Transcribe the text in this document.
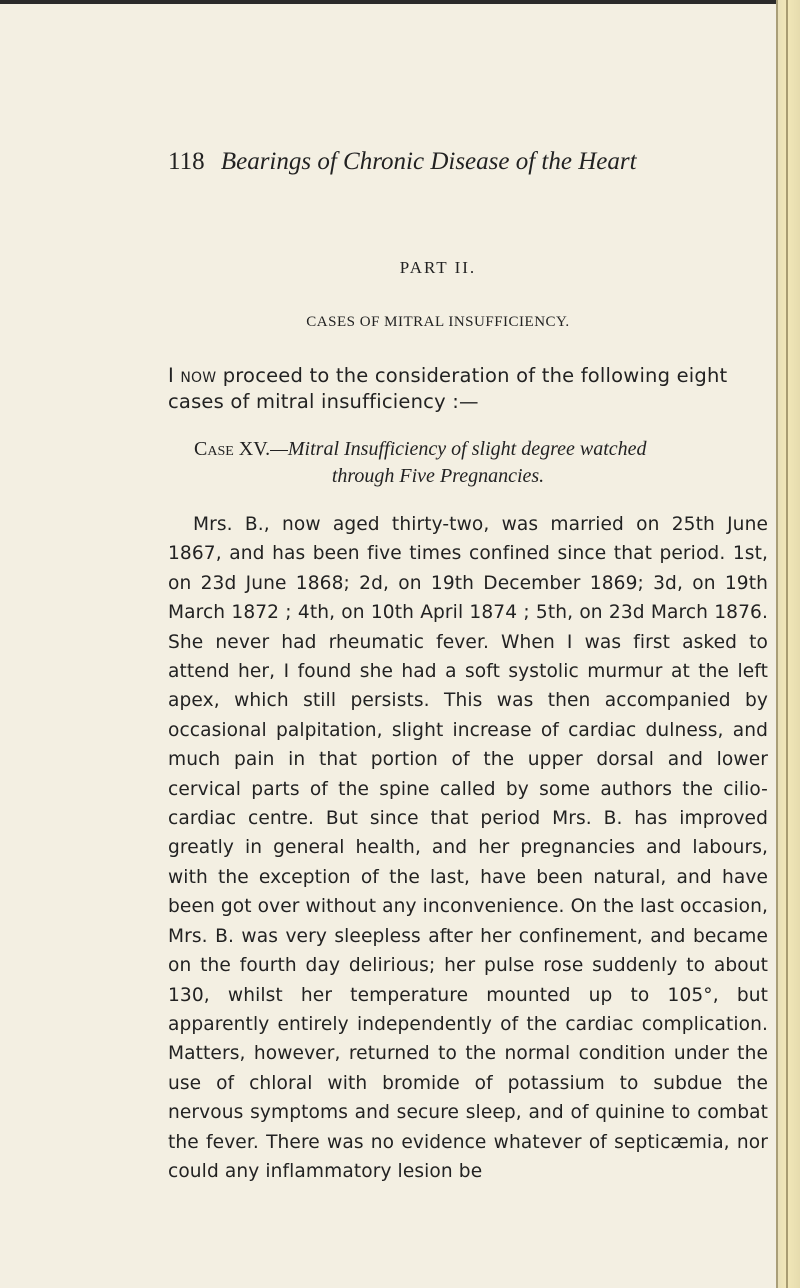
118 Bearings of Chronic Disease of the Heart
PART II.
CASES OF MITRAL INSUFFICIENCY.
I now proceed to the consideration of the following eight cases of mitral insufficiency :—
Case XV.—Mitral Insufficiency of slight degree watched
through Five Pregnancies.
Mrs. B., now aged thirty-two, was married on 25th June 1867, and has been five times confined since that period. 1st, on 23d June 1868; 2d, on 19th December 1869; 3d, on 19th March 1872 ; 4th, on 10th April 1874 ; 5th, on 23d March 1876. She never had rheumatic fever. When I was first asked to attend her, I found she had a soft systolic murmur at the left apex, which still persists. This was then accompanied by occasional palpitation, slight increase of cardiac dulness, and much pain in that portion of the upper dorsal and lower cervical parts of the spine called by some authors the cilio-cardiac centre. But since that period Mrs. B. has improved greatly in general health, and her pregnancies and labours, with the exception of the last, have been natural, and have been got over without any inconvenience. On the last occasion, Mrs. B. was very sleepless after her confinement, and became on the fourth day delirious; her pulse rose suddenly to about 130, whilst her temperature mounted up to 105°, but apparently entirely independently of the cardiac complication. Matters, however, returned to the normal condition under the use of chloral with bromide of potassium to subdue the nervous symptoms and secure sleep, and of quinine to combat the fever. There was no evidence whatever of septicæmia, nor could any inflammatory lesion be
